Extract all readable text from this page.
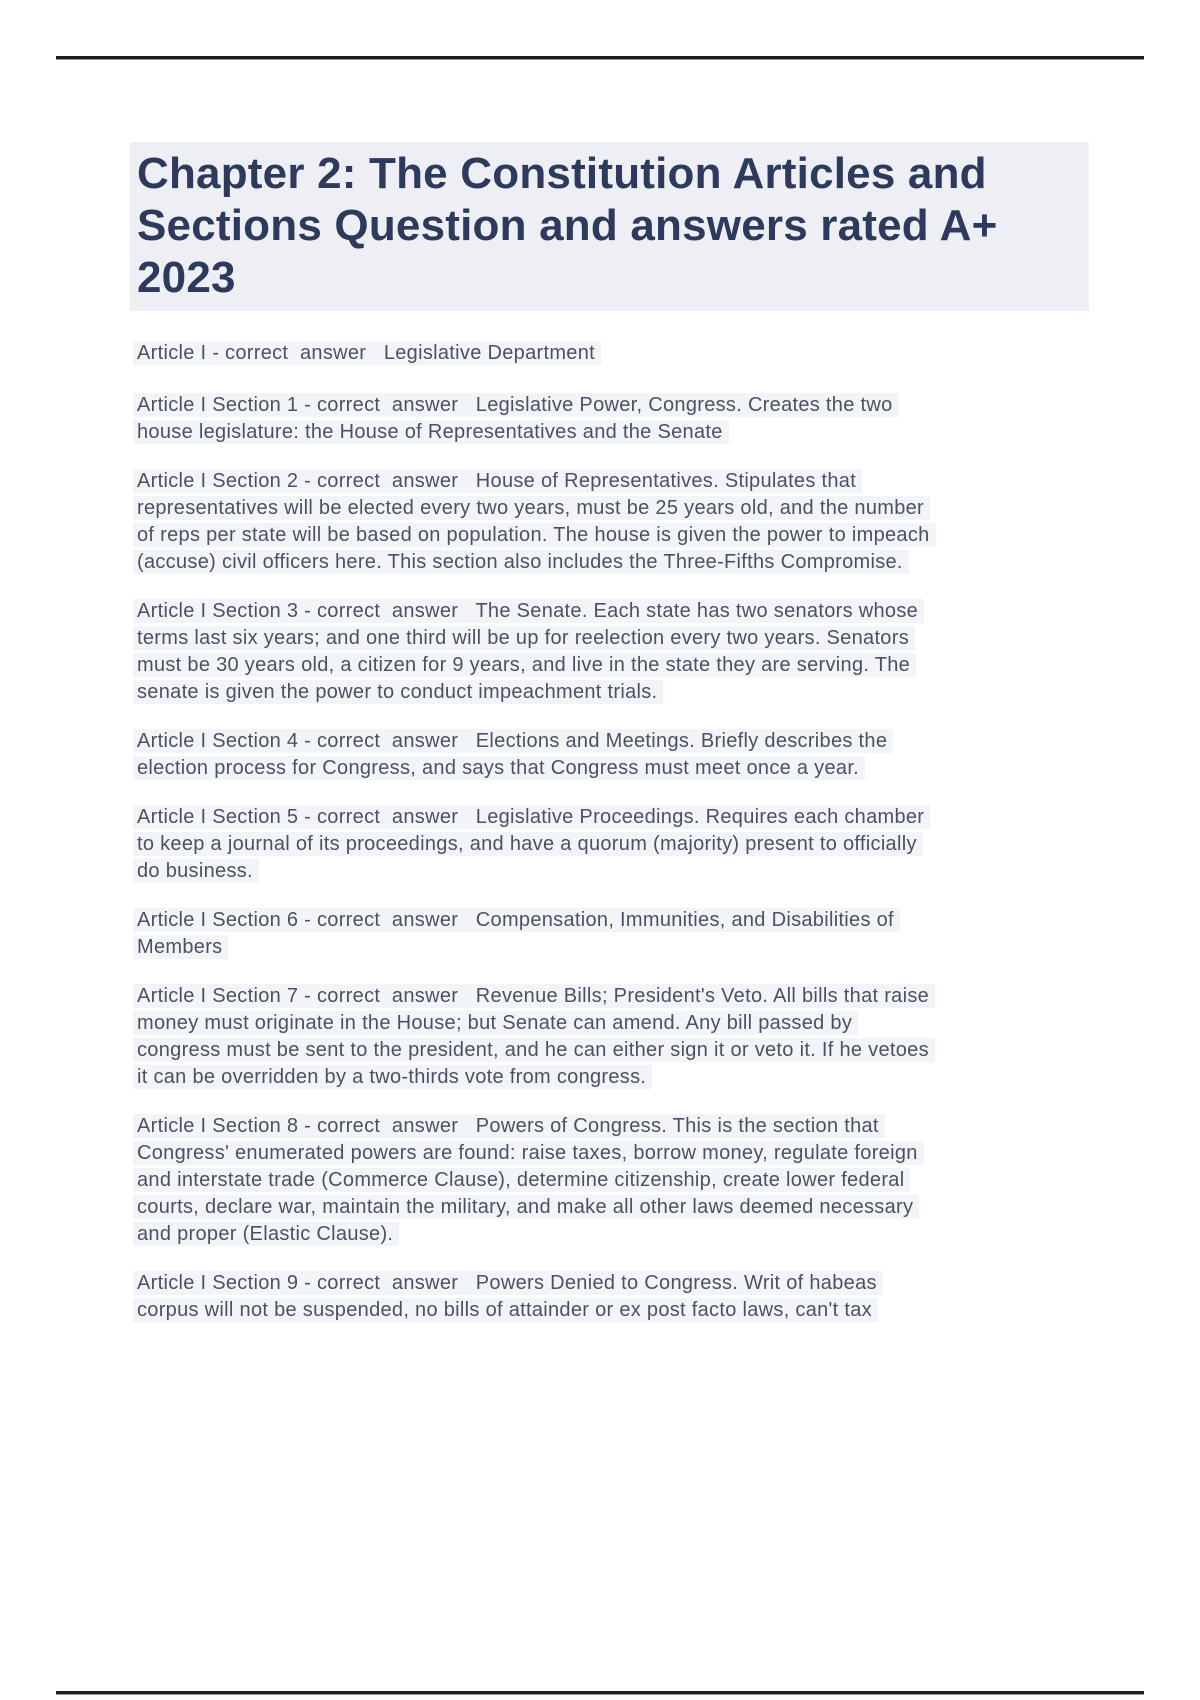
Chapter 2: The Constitution Articles and
Sections Question and answers rated A+
2023

Article I - correct  answer   Legislative Department

Article I Section 1 - correct  answer   Legislative Power, Congress. Creates the two
house legislature: the House of Representatives and the Senate

Article I Section 2 - correct  answer   House of Representatives. Stipulates that
representatives will be elected every two years, must be 25 years old, and the number
of reps per state will be based on population. The house is given the power to impeach
(accuse) civil officers here. This section also includes the Three-Fifths Compromise.

Article I Section 3 - correct  answer   The Senate. Each state has two senators whose
terms last six years; and one third will be up for reelection every two years. Senators
must be 30 years old, a citizen for 9 years, and live in the state they are serving. The
senate is given the power to conduct impeachment trials.

Article I Section 4 - correct  answer   Elections and Meetings. Briefly describes the
election process for Congress, and says that Congress must meet once a year.

Article I Section 5 - correct  answer   Legislative Proceedings. Requires each chamber
to keep a journal of its proceedings, and have a quorum (majority) present to officially
do business.

Article I Section 6 - correct  answer   Compensation, Immunities, and Disabilities of
Members

Article I Section 7 - correct  answer   Revenue Bills; President's Veto. All bills that raise
money must originate in the House; but Senate can amend. Any bill passed by
congress must be sent to the president, and he can either sign it or veto it. If he vetoes
it can be overridden by a two-thirds vote from congress.

Article I Section 8 - correct  answer   Powers of Congress. This is the section that
Congress' enumerated powers are found: raise taxes, borrow money, regulate foreign
and interstate trade (Commerce Clause), determine citizenship, create lower federal
courts, declare war, maintain the military, and make all other laws deemed necessary
and proper (Elastic Clause).

Article I Section 9 - correct  answer   Powers Denied to Congress. Writ of habeas
corpus will not be suspended, no bills of attainder or ex post facto laws, can't tax
